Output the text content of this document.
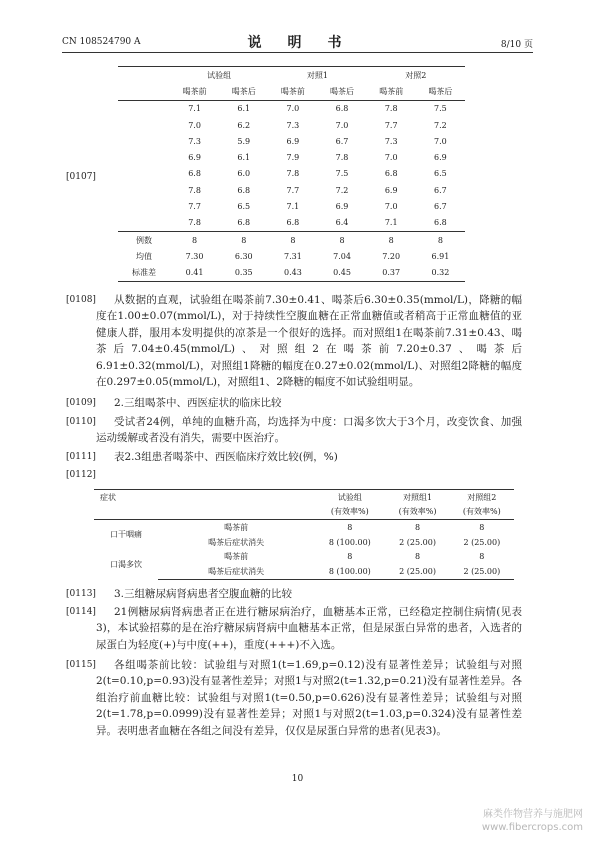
CN 108524790 A	说　明　书	8/10 页
[0107]
	试验组		对照1		对照2	
	喝茶前	喝茶后	喝茶前	喝茶后	喝茶前	喝茶后
	7.1	6.1	7.0	6.8	7.8	7.5
	7.0	6.2	7.3	7.0	7.7	7.2
	7.3	5.9	6.9	6.7	7.3	7.0
	6.9	6.1	7.9	7.8	7.0	6.9
	6.8	6.0	7.8	7.5	6.8	6.5
	7.8	6.8	7.7	7.2	6.9	6.7
	7.7	6.5	7.1	6.9	7.0	6.7
	7.8	6.8	6.8	6.4	7.1	6.8
例数	8	8	8	8	8	8
均值	7.30	6.30	7.31	7.04	7.20	6.91
标准差	0.41	0.35	0.43	0.45	0.37	0.32
[0108] 从数据的直观，试验组在喝茶前7.30±0.41、喝茶后6.30±0.35(mmol/L)，降糖的幅度在1.00±0.07(mmol/L)，对于持续性空腹血糖在正常血糖值或者稍高于正常血糖值的亚健康人群，服用本发明提供的凉茶是一个很好的选择。而对照组1在喝茶前7.31±0.43、喝茶后7.04±0.45(mmol/L)、对照组2在喝茶前7.20±0.37、喝茶后6.91±0.32(mmol/L)，对照组1降糖的幅度在0.27±0.02(mmol/L)、对照组2降糖的幅度在0.297±0.05(mmol/L)，对照组1、2降糖的幅度不如试验组明显。
[0109] 2.三组喝茶中、西医症状的临床比较
[0110] 受试者24例，单纯的血糖升高，均选择为中度：口渴多饮大于3个月，改变饮食、加强运动缓解或者没有消失，需要中医治疗。
[0111] 表2.3组患者喝茶中、西医临床疗效比较(例，%)
[0112]
症状		试验组	对照组1	对照组2
		(有效率%)	(有效率%)	(有效率%)
口干咽痛	喝茶前	8	8	8
	喝茶后症状消失	8 (100.00)	2 (25.00)	2 (25.00)
口渴多饮	喝茶前	8	8	8
	喝茶后症状消失	8 (100.00)	2 (25.00)	2 (25.00)
[0113] 3.三组糖尿病肾病患者空腹血糖的比较
[0114] 21例糖尿病肾病患者正在进行糖尿病治疗，血糖基本正常，已经稳定控制住病情(见表3)，本试验招募的是在治疗糖尿病肾病中血糖基本正常，但是尿蛋白异常的患者，入选者的尿蛋白为轻度(+)与中度(++)，重度(+++)不入选。
[0115] 各组喝茶前比较：试验组与对照1(t=1.69,p=0.12)没有显著性差异；试验组与对照2(t=0.10,p=0.93)没有显著性差异；对照1与对照2(t=1.32,p=0.21)没有显著性差异。各组治疗前血糖比较：试验组与对照1(t=0.50,p=0.626)没有显著性差异；试验组与对照2(t=1.78,p=0.0999)没有显著性差异；对照1与对照2(t=1.03,p=0.324)没有显著性差异。表明患者血糖在各组之间没有差异，仅仅是尿蛋白异常的患者(见表3)。
10
麻类作物营养与施肥网
www.fibercrops.com
